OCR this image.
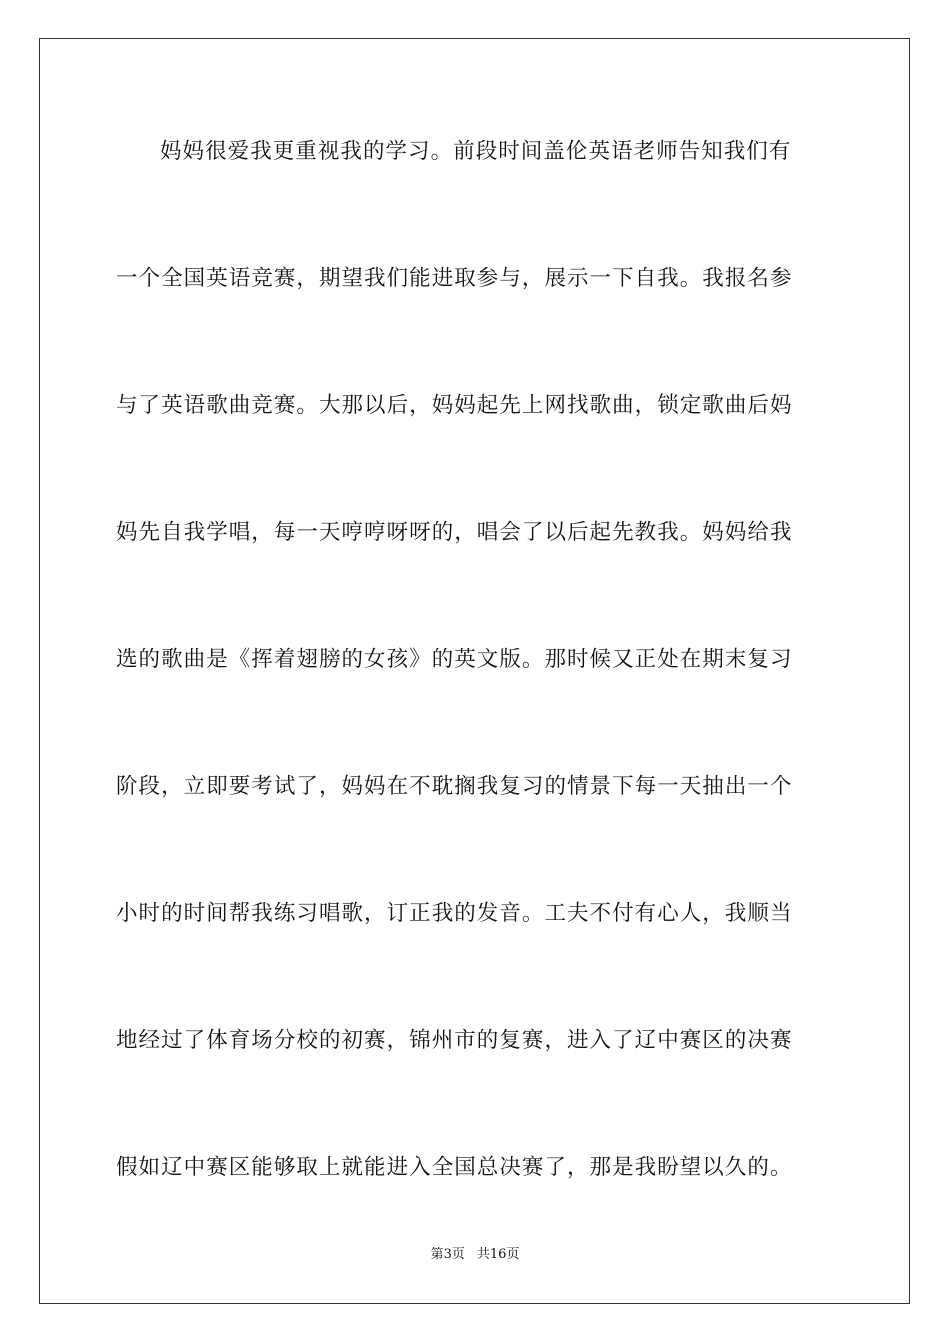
妈妈很爱我更重视我的学习。前段时间盖伦英语老师告知我们有
一个全国英语竞赛，期望我们能进取参与，展示一下自我。我报名参
与了英语歌曲竞赛。大那以后，妈妈起先上网找歌曲，锁定歌曲后妈
妈先自我学唱，每一天哼哼呀呀的，唱会了以后起先教我。妈妈给我
选的歌曲是《挥着翅膀的女孩》的英文版。那时候又正处在期末复习
阶段，立即要考试了，妈妈在不耽搁我复习的情景下每一天抽出一个
小时的时间帮我练习唱歌，订正我的发音。工夫不付有心人，我顺当
地经过了体育场分校的初赛，锦州市的复赛，进入了辽中赛区的决赛
假如辽中赛区能够取上就能进入全国总决赛了，那是我盼望以久的。
第3页 共16页
